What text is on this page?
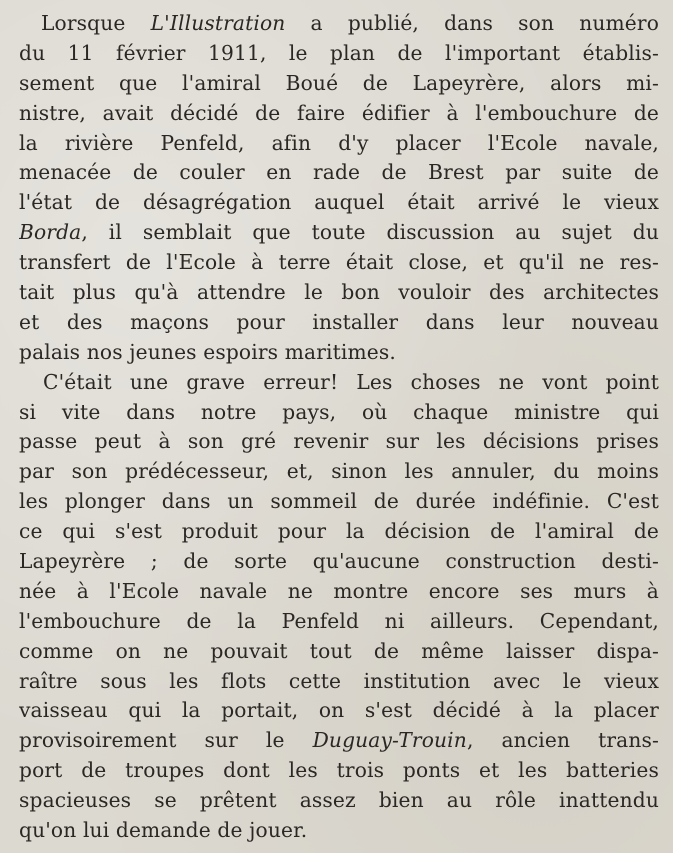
Lorsque L'Illustration a publié, dans son numéro
du 11 février 1911, le plan de l'important établis-
sement que l'amiral Boué de Lapeyrère, alors mi-
nistre, avait décidé de faire édifier à l'embouchure de
la rivière Penfeld, afin d'y placer l'Ecole navale,
menacée de couler en rade de Brest par suite de
l'état de désagrégation auquel était arrivé le vieux
Borda, il semblait que toute discussion au sujet du
transfert de l'Ecole à terre était close, et qu'il ne res-
tait plus qu'à attendre le bon vouloir des architectes
et des maçons pour installer dans leur nouveau
palais nos jeunes espoirs maritimes.
C'était une grave erreur! Les choses ne vont point
si vite dans notre pays, où chaque ministre qui
passe peut à son gré revenir sur les décisions prises
par son prédécesseur, et, sinon les annuler, du moins
les plonger dans un sommeil de durée indéfinie. C'est
ce qui s'est produit pour la décision de l'amiral de
Lapeyrère ; de sorte qu'aucune construction desti-
née à l'Ecole navale ne montre encore ses murs à
l'embouchure de la Penfeld ni ailleurs. Cependant,
comme on ne pouvait tout de même laisser dispa-
raître sous les flots cette institution avec le vieux
vaisseau qui la portait, on s'est décidé à la placer
provisoirement sur le Duguay-Trouin, ancien trans-
port de troupes dont les trois ponts et les batteries
spacieuses se prêtent assez bien au rôle inattendu
qu'on lui demande de jouer.
